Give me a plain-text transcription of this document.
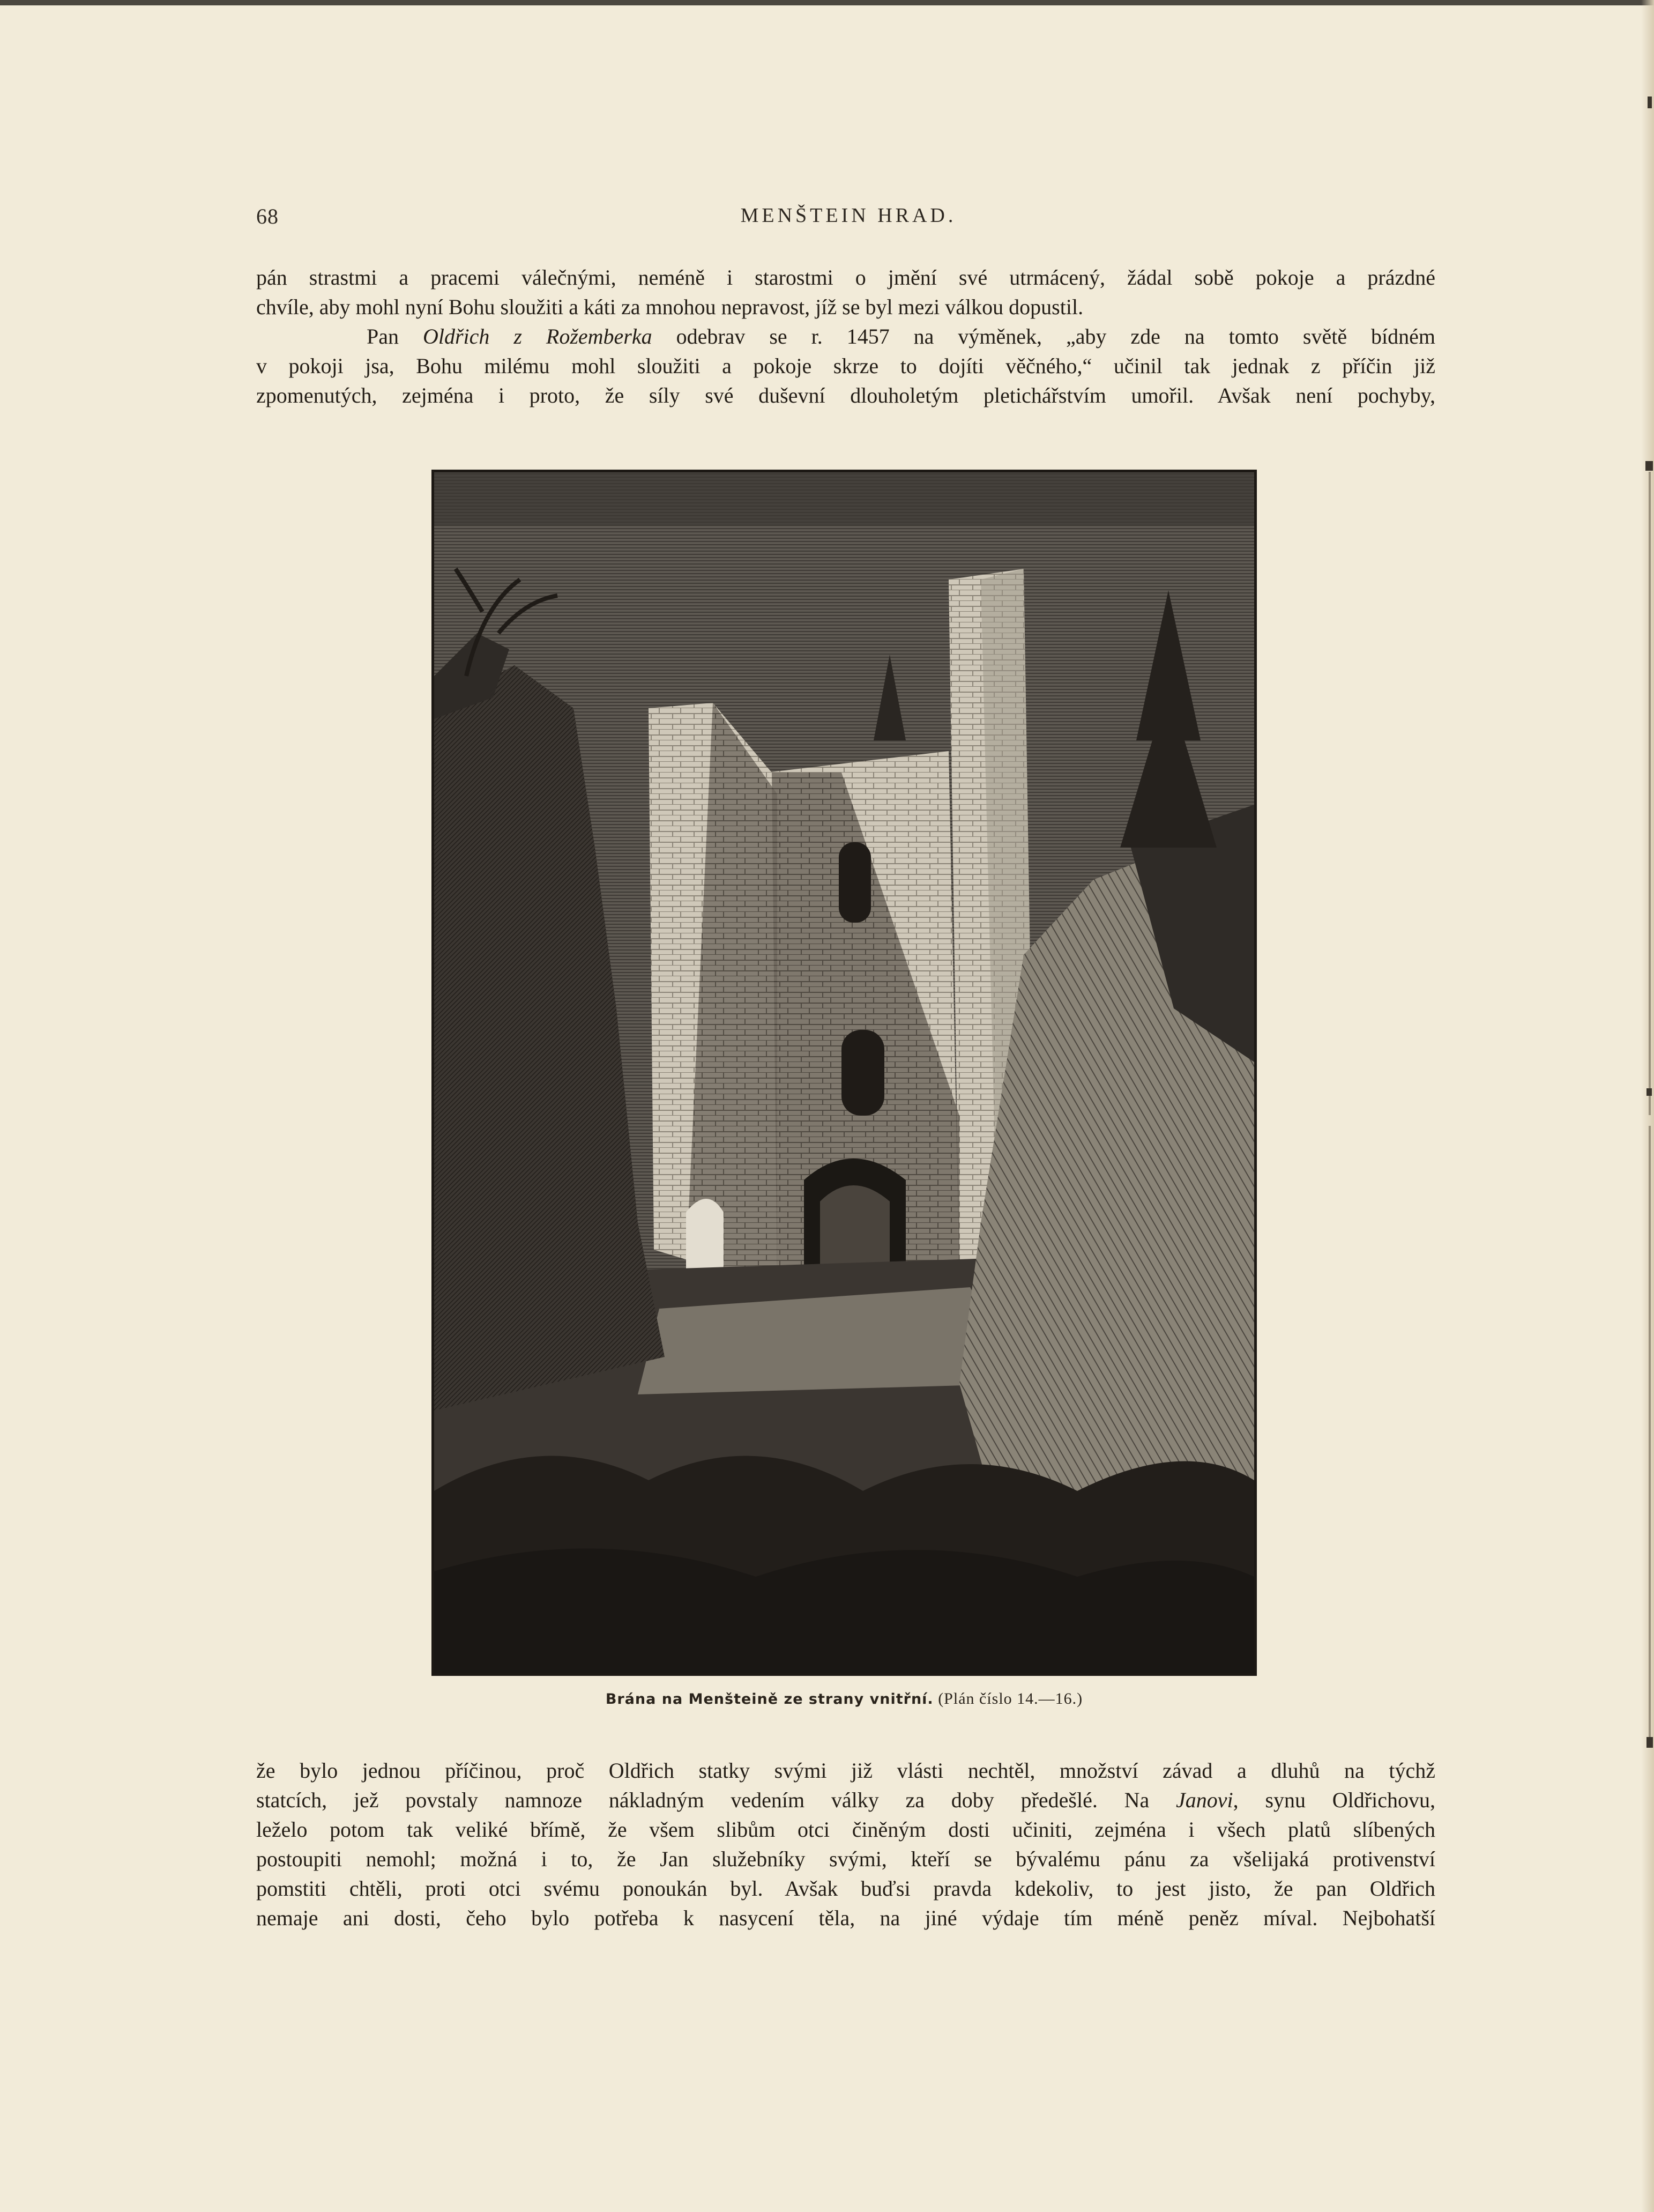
68	MENŠTEIN HRAD.
pán strastmi a pracemi válečnými, neméně i starostmi o jmění své utrmácený, žádal sobě pokoje a prázdné
chvíle, aby mohl nyní Bohu sloužiti a káti za mnohou nepravost, jíž se byl mezi válkou dopustil.
Pan Oldřich z Rožemberka odebrav se r. 1457 na výměnek, „aby zde na tomto světě bídném
v pokoji jsa, Bohu milému mohl sloužiti a pokoje skrze to dojíti věčného,“ učinil tak jednak z příčin již
zpomenutých, zejména i proto, že síly své duševní dlouholetým pletichářstvím umořil. Avšak není pochyby,
Brána na Menšteině ze strany vnitřní. (Plán číslo 14.—16.)
že bylo jednou příčinou, proč Oldřich statky svými již vlásti nechtěl, množství závad a dluhů na týchž
statcích, jež povstaly namnoze nákladným vedením války za doby předešlé. Na Janovi, synu Oldřichovu,
leželo potom tak veliké břímě, že všem slibům otci činěným dosti učiniti, zejména i všech platů slíbených
postoupiti nemohl; možná i to, že Jan služebníky svými, kteří se bývalému pánu za všelijaká protivenství
pomstiti chtěli, proti otci svému ponoukán byl. Avšak buďsi pravda kdekoliv, to jest jisto, že pan Oldřich
nemaje ani dosti, čeho bylo potřeba k nasycení těla, na jiné výdaje tím méně peněz míval. Nejbohatší
